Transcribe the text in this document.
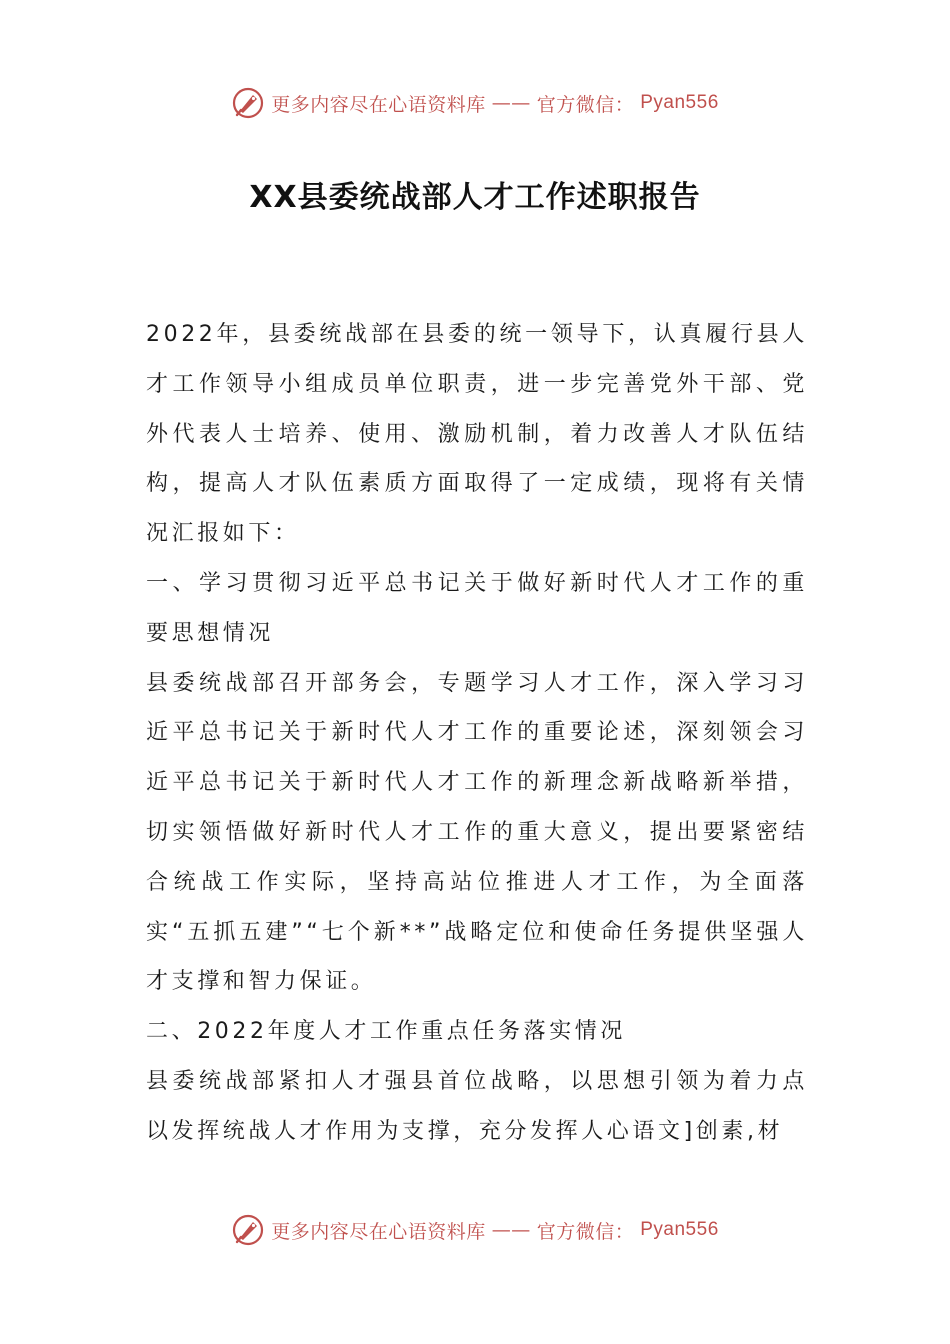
更多内容尽在心语资料库 —— 官方微信： Pyan556
XX县委统战部人才工作述职报告

2022年，县委统战部在县委的统一领导下，认真履行县人才工作领导小组成员单位职责，进一步完善党外干部、党外代表人士培养、使用、激励机制，着力改善人才队伍结构，提高人才队伍素质方面取得了一定成绩，现将有关情况汇报如下：

一、学习贯彻习近平总书记关于做好新时代人才工作的重要思想情况

县委统战部召开部务会，专题学习人才工作，深入学习习近平总书记关于新时代人才工作的重要论述，深刻领会习近平总书记关于新时代人才工作的新理念新战略新举措，切实领悟做好新时代人才工作的重大意义，提出要紧密结合统战工作实际，坚持高站位推进人才工作，为全面落实“五抓五建”“七个新**”战略定位和使命任务提供坚强人才支撑和智力保证。

二、2022年度人才工作重点任务落实情况

县委统战部紧扣人才强县首位战略，以思想引领为着力点以发挥统战人才作用为支撑，充分发挥人心语文]创素,材

更多内容尽在心语资料库 —— 官方微信： Pyan556
